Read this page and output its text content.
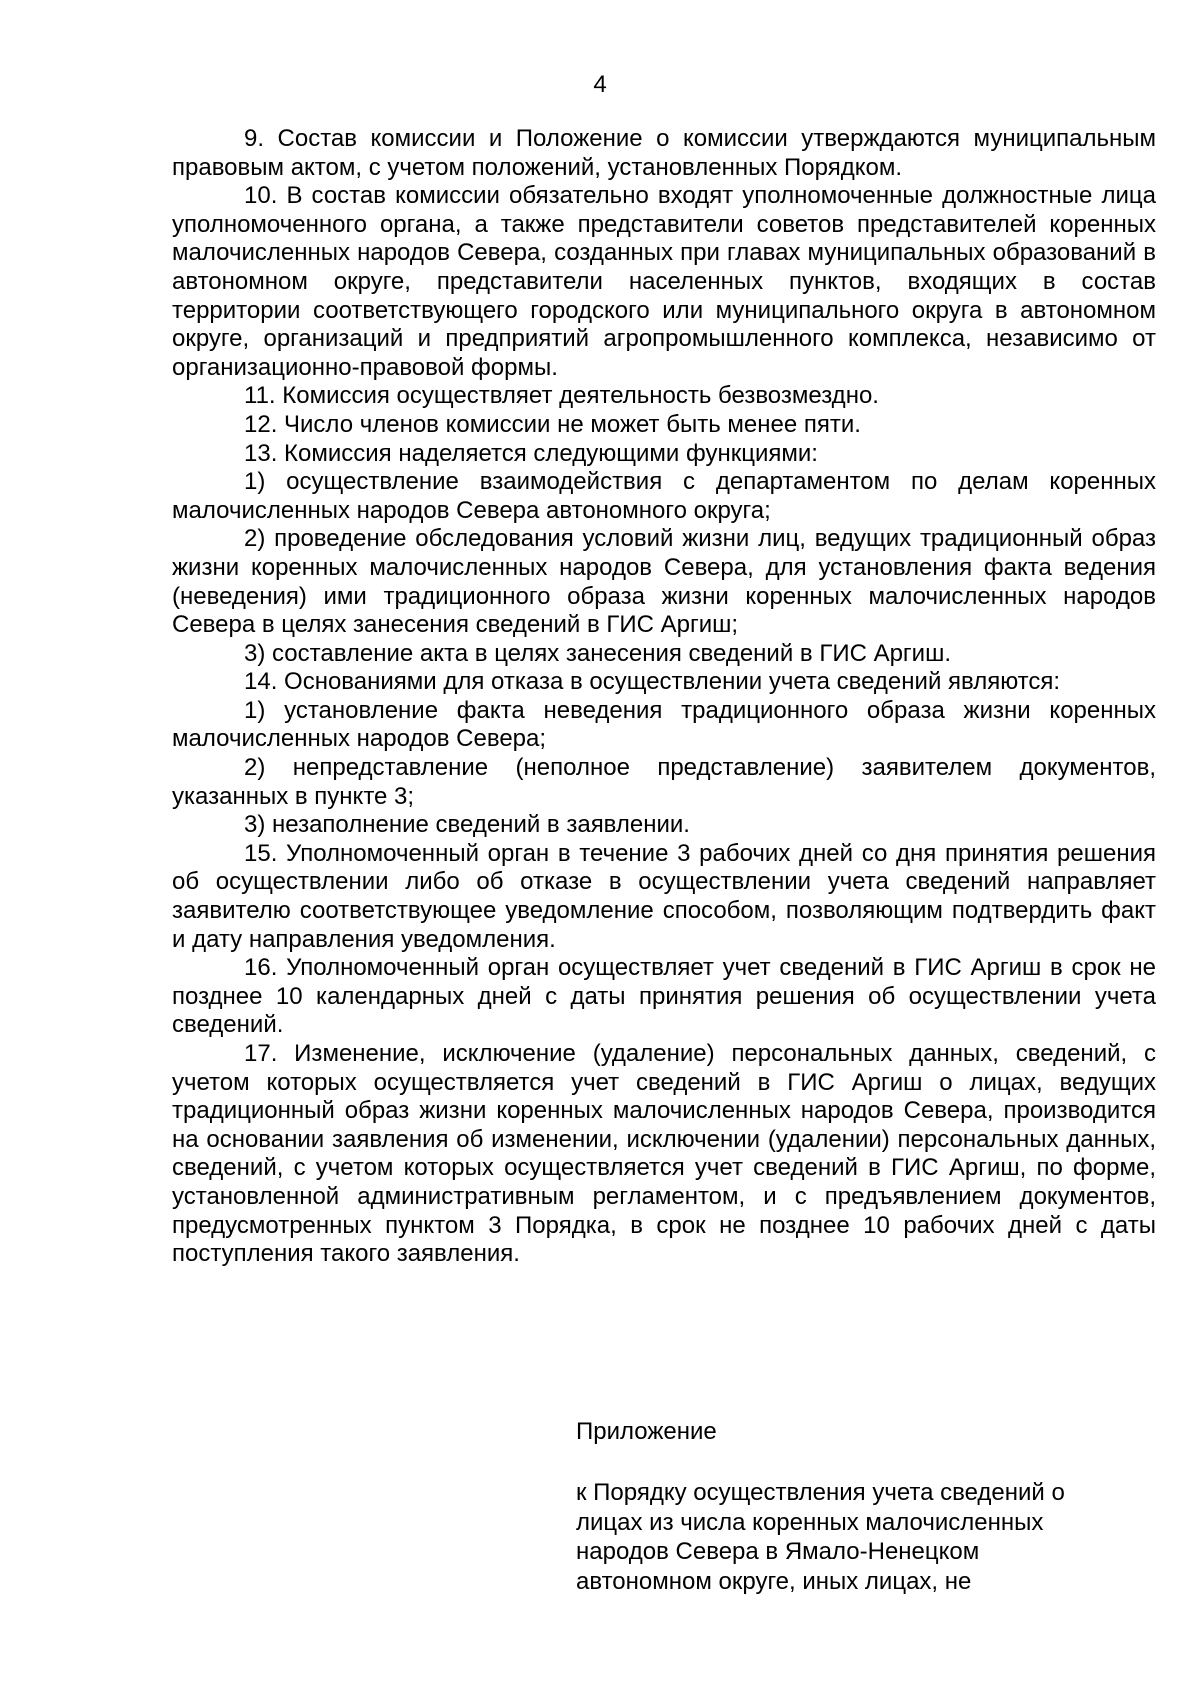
4

9. Состав комиссии и Положение о комиссии утверждаются муниципальным правовым актом, с учетом положений, установленных Порядком.

10. В состав комиссии обязательно входят уполномоченные должностные лица уполномоченного органа, а также представители советов представителей коренных малочисленных народов Севера, созданных при главах муниципальных образований в автономном округе, представители населенных пунктов, входящих в состав территории соответствующего городского или муниципального округа в автономном округе, организаций и предприятий агропромышленного комплекса, независимо от организационно-правовой формы.

11. Комиссия осуществляет деятельность безвозмездно.

12. Число членов комиссии не может быть менее пяти.

13. Комиссия наделяется следующими функциями:

1) осуществление взаимодействия с департаментом по делам коренных малочисленных народов Севера автономного округа;

2) проведение обследования условий жизни лиц, ведущих традиционный образ жизни коренных малочисленных народов Севера, для установления факта ведения (неведения) ими традиционного образа жизни коренных малочисленных народов Севера в целях занесения сведений в ГИС Аргиш;

3) составление акта в целях занесения сведений в ГИС Аргиш.

14. Основаниями для отказа в осуществлении учета сведений являются:

1) установление факта неведения традиционного образа жизни коренных малочисленных народов Севера;

2) непредставление (неполное представление) заявителем документов, указанных в пункте 3;

3) незаполнение сведений в заявлении.

15. Уполномоченный орган в течение 3 рабочих дней со дня принятия решения об осуществлении либо об отказе в осуществлении учета сведений направляет заявителю соответствующее уведомление способом, позволяющим подтвердить факт и дату направления уведомления.

16. Уполномоченный орган осуществляет учет сведений в ГИС Аргиш в срок не позднее 10 календарных дней с даты принятия решения об осуществлении учета сведений.

17. Изменение, исключение (удаление) персональных данных, сведений, с учетом которых осуществляется учет сведений в ГИС Аргиш о лицах, ведущих традиционный образ жизни коренных малочисленных народов Севера, производится на основании заявления об изменении, исключении (удалении) персональных данных, сведений, с учетом которых осуществляется учет сведений в ГИС Аргиш, по форме, установленной административным регламентом, и с предъявлением документов, предусмотренных пунктом 3 Порядка, в срок не позднее 10 рабочих дней с даты поступления такого заявления.

Приложение
к Порядку осуществления учета сведений о
лицах из числа коренных малочисленных
народов Севера в Ямало-Ненецком
автономном округе, иных лицах, не
